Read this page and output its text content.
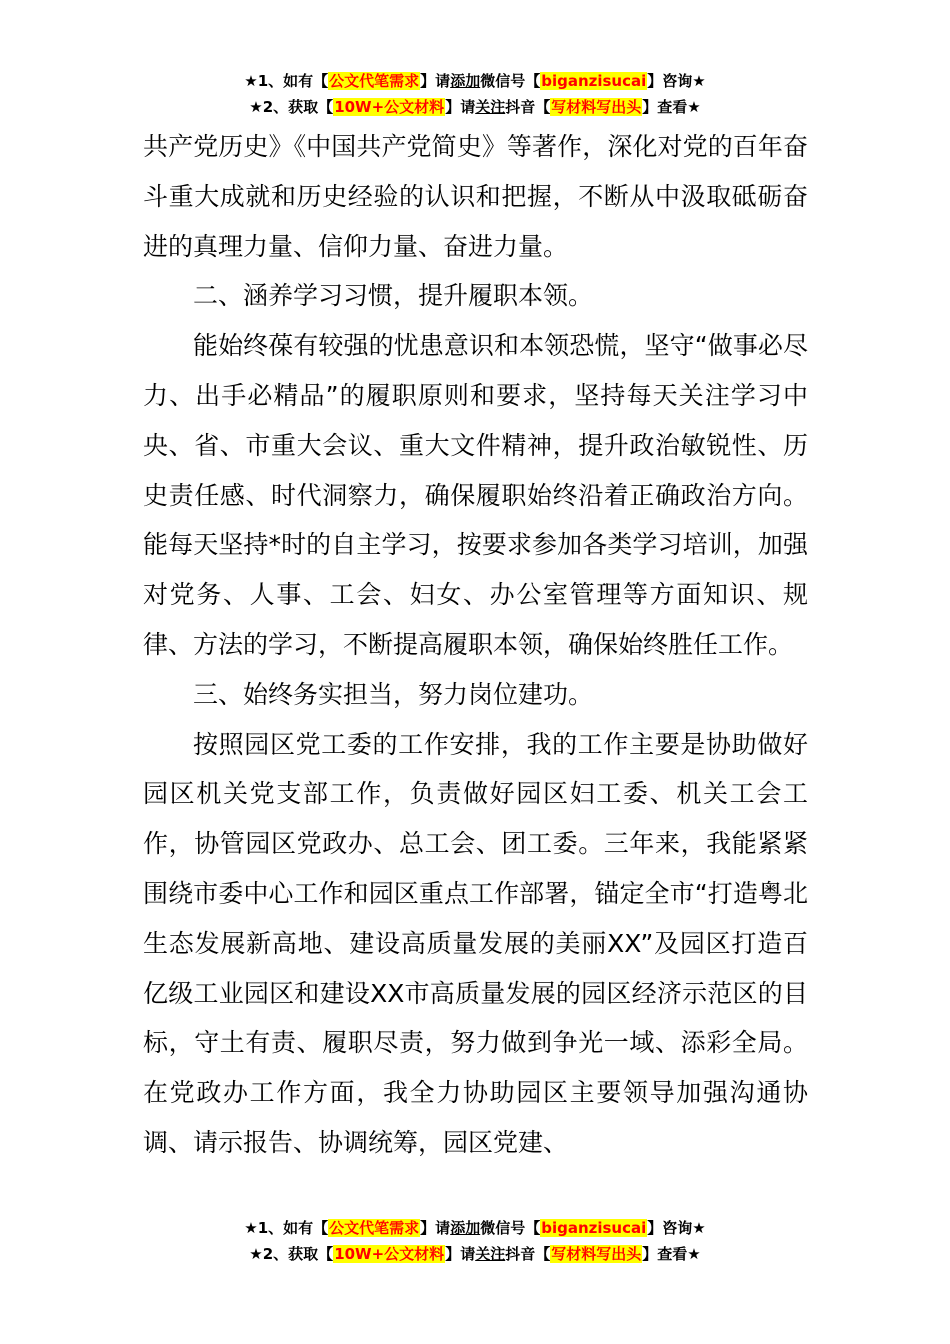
★1、如有【公文代笔需求】请添加微信号【biganzisucai】咨询★
★2、获取【10W+公文材料】请关注抖音【写材料写出头】查看★

共产党历史》《中国共产党简史》等著作，深化对党的百年奋斗重大成就和历史经验的认识和把握，不断从中汲取砥砺奋进的真理力量、信仰力量、奋进力量。

二、涵养学习习惯，提升履职本领。

能始终葆有较强的忧患意识和本领恐慌，坚守“做事必尽力、出手必精品”的履职原则和要求，坚持每天关注学习中央、省、市重大会议、重大文件精神，提升政治敏锐性、历史责任感、时代洞察力，确保履职始终沿着正确政治方向。能每天坚持*时的自主学习，按要求参加各类学习培训，加强对党务、人事、工会、妇女、办公室管理等方面知识、规律、方法的学习，不断提高履职本领，确保始终胜任工作。

三、始终务实担当，努力岗位建功。

按照园区党工委的工作安排，我的工作主要是协助做好园区机关党支部工作，负责做好园区妇工委、机关工会工作，协管园区党政办、总工会、团工委。三年来，我能紧紧围绕市委中心工作和园区重点工作部署，锚定全市“打造粤北生态发展新高地、建设高质量发展的美丽XX”及园区打造百亿级工业园区和建设XX市高质量发展的园区经济示范区的目标，守土有责、履职尽责，努力做到争光一域、添彩全局。在党政办工作方面，我全力协助园区主要领导加强沟通协调、请示报告、协调统筹，园区党建、

★1、如有【公文代笔需求】请添加微信号【biganzisucai】咨询★
★2、获取【10W+公文材料】请关注抖音【写材料写出头】查看★
